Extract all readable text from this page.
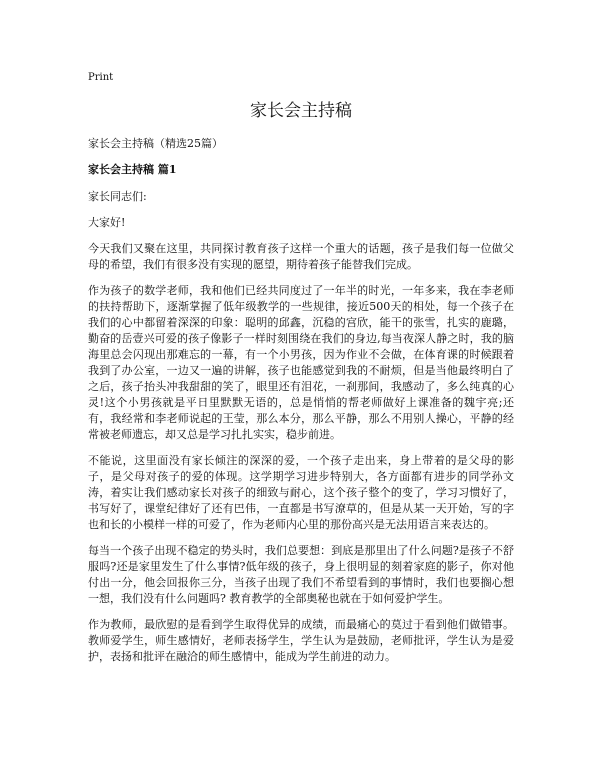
Print
家长会主持稿
家长会主持稿（精选25篇）
家长会主持稿 篇1

家长同志们:

大家好!

今天我们又聚在这里，共同探讨教育孩子这样一个重大的话题，孩子是我们每一位做父母的希望，我们有很多没有实现的愿望，期待着孩子能替我们完成。

作为孩子的数学老师，我和他们已经共同度过了一年半的时光，一年多来，我在李老师的扶持帮助下，逐渐掌握了低年级教学的一些规律，接近500天的相处，每一个孩子在我们的心中都留着深深的印象：聪明的邱鑫，沉稳的宫欣，能干的张雪，扎实的鹿璐，勤奋的岳壹兴可爱的孩子像影子一样时刻围绕在我们的身边,每当夜深人静之时，我的脑海里总会闪现出那难忘的一幕，有一个小男孩，因为作业不会做，在体育课的时候跟着我到了办公室，一边又一遍的讲解，孩子也能感觉到我的不耐烦，但是当他最终明白了之后，孩子抬头冲我甜甜的笑了，眼里还有泪花，一刹那间，我感动了，多么纯真的心灵!这个小男孩就是平日里默默无语的，总是悄悄的帮老师做好上课准备的魏宇亮;还有，我经常和李老师说起的王莹，那么本分，那么平静，那么不用别人操心，平静的经常被老师遗忘，却又总是学习扎扎实实，稳步前进。

不能说，这里面没有家长倾注的深深的爱，一个孩子走出来，身上带着的是父母的影子，是父母对孩子的爱的体现。这学期学习进步特别大，各方面都有进步的同学孙文涛，着实让我们感动家长对孩子的细致与耐心，这个孩子整个的变了，学习习惯好了，书写好了，课堂纪律好了还有巴伟，一直都是书写潦草的，但是从某一天开始，写的字也和长的小模样一样的可爱了，作为老师内心里的那份高兴是无法用语言来表达的。

每当一个孩子出现不稳定的势头时，我们总要想：到底是那里出了什么问题?是孩子不舒服吗?还是家里发生了什么事情?低年级的孩子，身上很明显的刻着家庭的影子，你对他付出一分，他会回报你三分，当孩子出现了我们不希望看到的事情时，我们也要搁心想一想，我们没有什么问题吗? 教育教学的全部奥秘也就在于如何爱护学生。

作为教师，最欣慰的是看到学生取得优异的成绩，而最痛心的莫过于看到他们做错事。教师爱学生，师生感情好，老师表扬学生，学生认为是鼓励，老师批评，学生认为是爱护，表扬和批评在融洽的师生感情中，能成为学生前进的动力。
